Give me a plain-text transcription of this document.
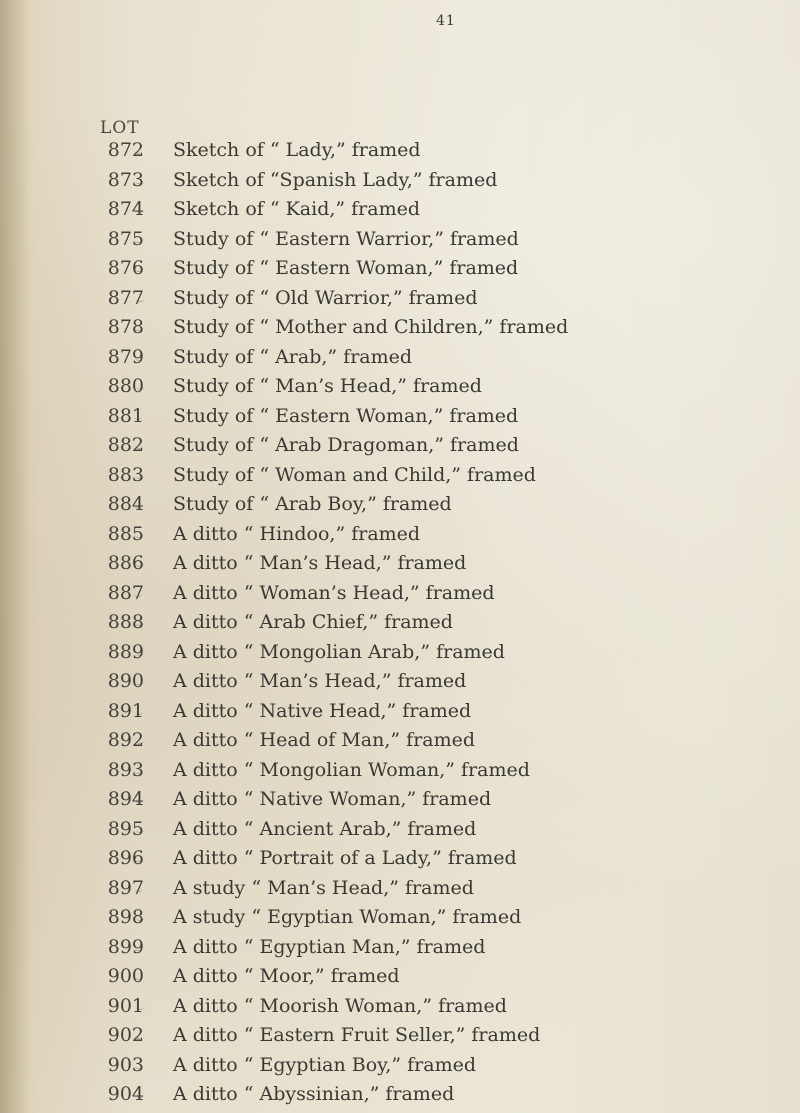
41
LOT
872 Sketch of “ Lady,” framed
873 Sketch of “Spanish Lady,” framed
874 Sketch of “ Kaid,” framed
875 Study of “ Eastern Warrior,” framed
876 Study of “ Eastern Woman,” framed
877 Study of “ Old Warrior,” framed
878 Study of “ Mother and Children,” framed
879 Study of “ Arab,” framed
880 Study of “ Man’s Head,” framed
881 Study of “ Eastern Woman,” framed
882 Study of “ Arab Dragoman,” framed
883 Study of “ Woman and Child,” framed
884 Study of “ Arab Boy,” framed
885 A ditto “ Hindoo,” framed
886 A ditto “ Man’s Head,” framed
887 A ditto “ Woman’s Head,” framed
888 A ditto “ Arab Chief,” framed
889 A ditto “ Mongolian Arab,” framed
890 A ditto “ Man’s Head,” framed
891 A ditto “ Native Head,” framed
892 A ditto “ Head of Man,” framed
893 A ditto “ Mongolian Woman,” framed
894 A ditto “ Native Woman,” framed
895 A ditto “ Ancient Arab,” framed
896 A ditto “ Portrait of a Lady,” framed
897 A study “ Man’s Head,” framed
898 A study “ Egyptian Woman,” framed
899 A ditto “ Egyptian Man,” framed
900 A ditto “ Moor,” framed
901 A ditto “ Moorish Woman,” framed
902 A ditto “ Eastern Fruit Seller,” framed
903 A ditto “ Egyptian Boy,” framed
904 A ditto “ Abyssinian,” framed
